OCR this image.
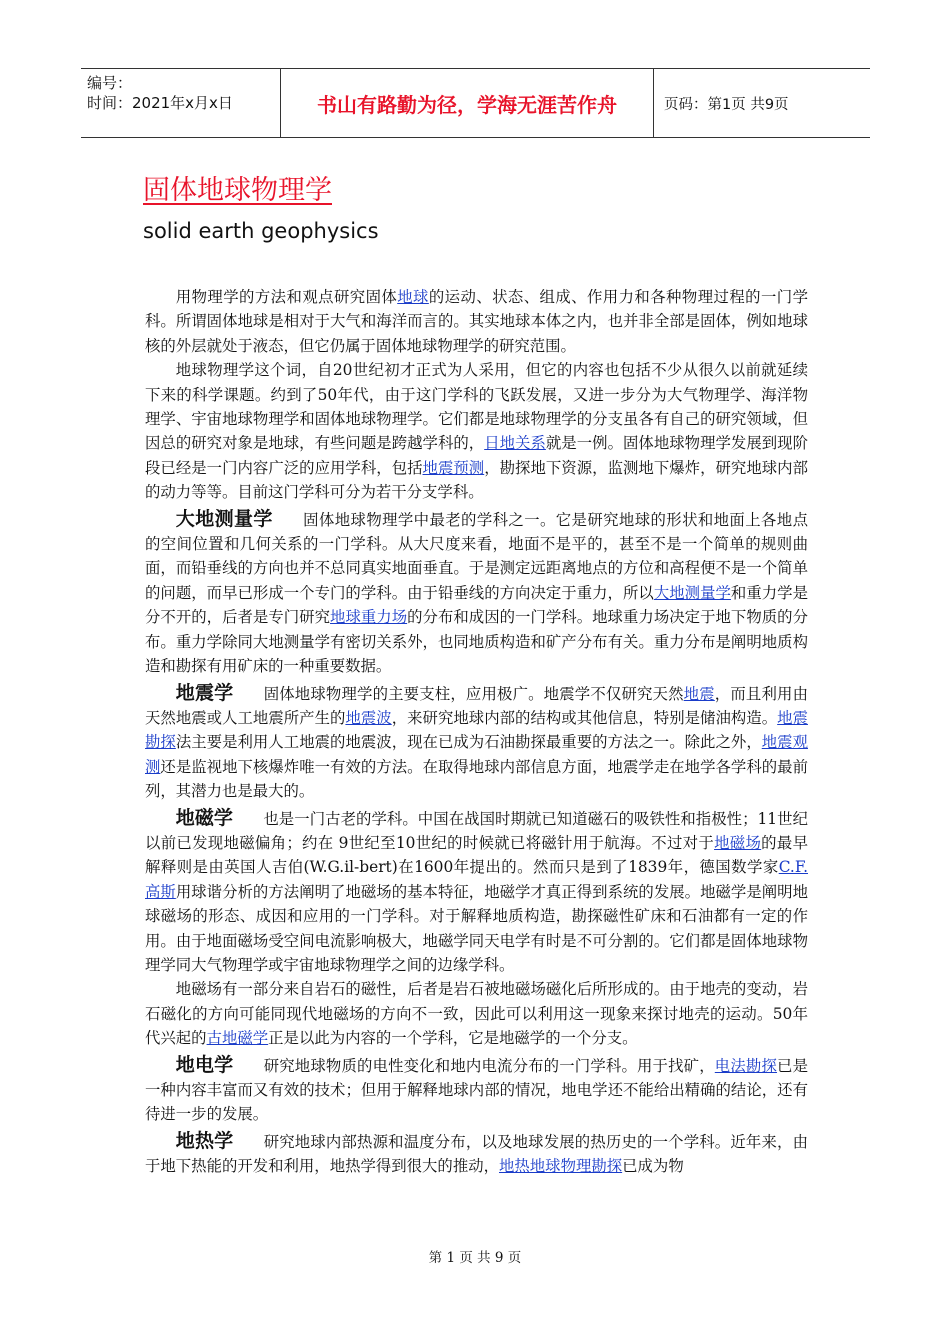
编号：
时间：2021年x月x日	书山有路勤为径，学海无涯苦作舟	页码：第1页 共9页
固体地球物理学
solid earth geophysics

用物理学的方法和观点研究固体地球的运动、状态、组成、作用力和各种物理过程的一门学科。所谓固体地球是相对于大气和海洋而言的。其实地球本体之内，也并非全部是固体，例如地球核的外层就处于液态，但它仍属于固体地球物理学的研究范围。

地球物理学这个词，自20世纪初才正式为人采用，但它的内容也包括不少从很久以前就延续下来的科学课题。约到了50年代，由于这门学科的飞跃发展，又进一步分为大气物理学、海洋物理学、宇宙地球物理学和固体地球物理学。它们都是地球物理学的分支虽各有自己的研究领域，但因总的研究对象是地球，有些问题是跨越学科的，日地关系就是一例。固体地球物理学发展到现阶段已经是一门内容广泛的应用学科，包括地震预测，勘探地下资源，监测地下爆炸，研究地球内部的动力等等。目前这门学科可分为若干分支学科。

大地测量学 固体地球物理学中最老的学科之一。它是研究地球的形状和地面上各地点的空间位置和几何关系的一门学科。从大尺度来看，地面不是平的，甚至不是一个简单的规则曲面，而铅垂线的方向也并不总同真实地面垂直。于是测定远距离地点的方位和高程便不是一个简单的问题，而早已形成一个专门的学科。由于铅垂线的方向决定于重力，所以大地测量学和重力学是分不开的，后者是专门研究地球重力场的分布和成因的一门学科。地球重力场决定于地下物质的分布。重力学除同大地测量学有密切关系外，也同地质构造和矿产分布有关。重力分布是阐明地质构造和勘探有用矿床的一种重要数据。

地震学 固体地球物理学的主要支柱，应用极广。地震学不仅研究天然地震，而且利用由天然地震或人工地震所产生的地震波，来研究地球内部的结构或其他信息，特别是储油构造。地震勘探法主要是利用人工地震的地震波，现在已成为石油勘探最重要的方法之一。除此之外，地震观测还是监视地下核爆炸唯一有效的方法。在取得地球内部信息方面，地震学走在地学各学科的最前列，其潜力也是最大的。

地磁学 也是一门古老的学科。中国在战国时期就已知道磁石的吸铁性和指极性；11世纪以前已发现地磁偏角；约在 9世纪至10世纪的时候就已将磁针用于航海。不过对于地磁场的最早解释则是由英国人吉伯(W.G.il-bert)在1600年提出的。然而只是到了1839年，德国数学家C.F.高斯用球谐分析的方法阐明了地磁场的基本特征，地磁学才真正得到系统的发展。地磁学是阐明地球磁场的形态、成因和应用的一门学科。对于解释地质构造，勘探磁性矿床和石油都有一定的作用。由于地面磁场受空间电流影响极大，地磁学同天电学有时是不可分割的。它们都是固体地球物理学同大气物理学或宇宙地球物理学之间的边缘学科。

地磁场有一部分来自岩石的磁性，后者是岩石被地磁场磁化后所形成的。由于地壳的变动，岩石磁化的方向可能同现代地磁场的方向不一致，因此可以利用这一现象来探讨地壳的运动。50年代兴起的古地磁学正是以此为内容的一个学科，它是地磁学的一个分支。

地电学 研究地球物质的电性变化和地内电流分布的一门学科。用于找矿，电法勘探已是一种内容丰富而又有效的技术；但用于解释地球内部的情况，地电学还不能给出精确的结论，还有待进一步的发展。

地热学 研究地球内部热源和温度分布，以及地球发展的热历史的一个学科。近年来，由于地下热能的开发和利用，地热学得到很大的推动，地热地球物理勘探已成为物

第 1 页 共 9 页
